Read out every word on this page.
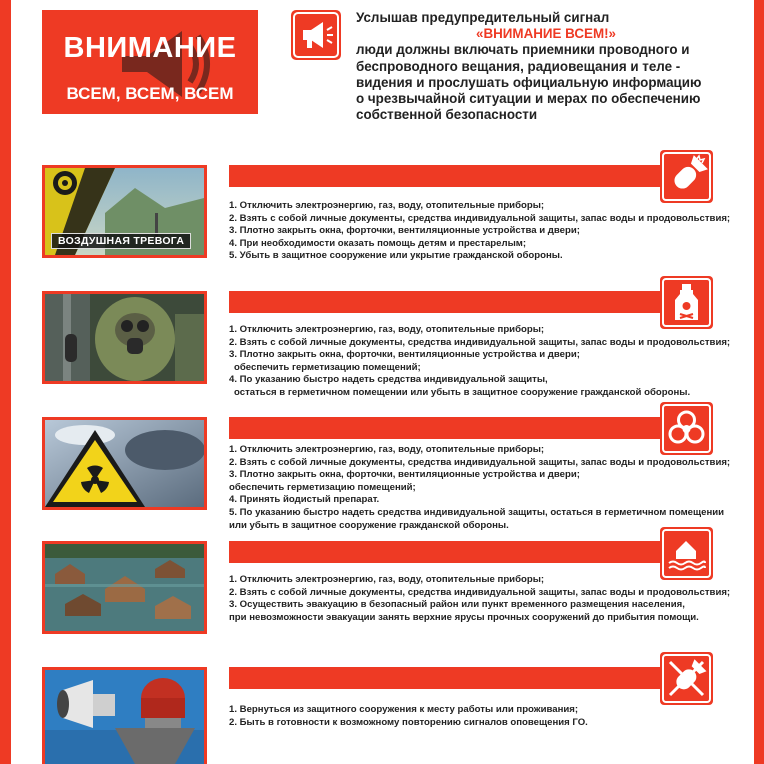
ВНИМАНИЕ
ВСЕМ, ВСЕМ, ВСЕМ
Услышав предупредительный сигнал
«ВНИМАНИЕ ВСЕМ!»
люди должны включать приемники проводного и
беспроводного вещания, радиовещания и теле -
видения и прослушать официальную информацию
о чрезвычайной ситуации и мерах по обеспечению
собственной безопасности
ВОЗДУШНАЯ ТРЕВОГА
1. Отключить электроэнергию, газ, воду, отопительные приборы;
2. Взять с собой личные документы, средства индивидуальной защиты, запас воды и продовольствия;
3. Плотно закрыть окна, форточки, вентиляционные устройства и двери;
4. При необходимости оказать помощь детям и престарелым;
5. Убыть в защитное сооружение или укрытие гражданской обороны.
1. Отключить электроэнергию, газ, воду, отопительные приборы;
2. Взять с собой личные документы, средства индивидуальной защиты, запас воды и продовольствия;
3. Плотно закрыть окна, форточки, вентиляционные устройства и двери;
обеспечить герметизацию помещений;
4. По указанию быстро надеть средства индивидуальной защиты,
остаться в герметичном помещении или убыть в защитное сооружение гражданской обороны.
1. Отключить электроэнергию, газ, воду, отопительные приборы;
2. Взять с собой личные документы, средства индивидуальной защиты, запас воды и продовольствия;
3. Плотно закрыть окна, форточки, вентиляционные устройства и двери;
обеспечить герметизацию помещений;
4. Принять йодистый препарат.
5. По указанию быстро надеть средства индивидуальной защиты, остаться в герметичном помещении
или убыть в защитное сооружение гражданской обороны.
1. Отключить электроэнергию, газ, воду, отопительные приборы;
2. Взять с собой личные документы, средства индивидуальной защиты, запас воды и продовольствия;
3. Осуществить эвакуацию в безопасный район или пункт временного размещения населения,
при невозможности эвакуации занять верхние ярусы прочных сооружений до прибытия помощи.
1. Вернуться из защитного сооружения к месту работы или проживания;
2. Быть в готовности к возможному повторению сигналов оповещения ГО.
